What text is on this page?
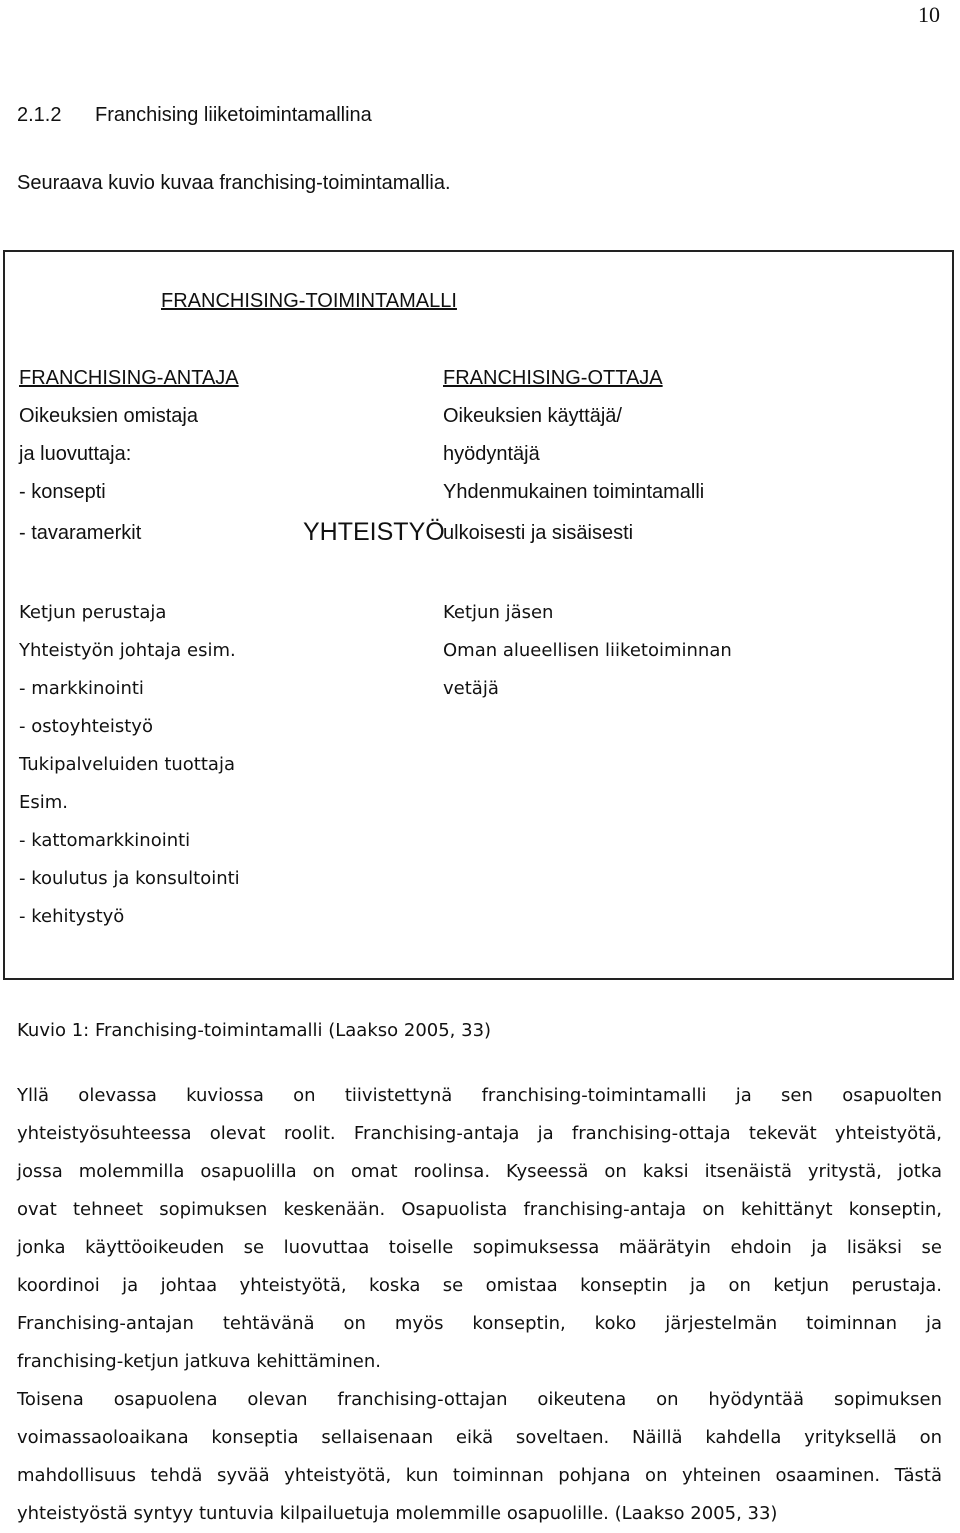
10
2.1.2 Franchising liiketoimintamallina
Seuraava kuvio kuvaa franchising-toimintamallia.
FRANCHISING-TOIMINTAMALLI
FRANCHISING-ANTAJA
Oikeuksien omistaja
ja luovuttaja:
- konsepti
- tavaramerkit	YHTEISTYÖ
FRANCHISING-OTTAJA
Oikeuksien käyttäjä/
hyödyntäjä
Yhdenmukainen toimintamalli
ulkoisesti ja sisäisesti
Ketjun perustaja
Yhteistyön johtaja esim.
- markkinointi
- ostoyhteistyö
Tukipalveluiden tuottaja
Esim.
- kattomarkkinointi
- koulutus ja konsultointi
- kehitystyö
Ketjun jäsen
Oman alueellisen liiketoiminnan
vetäjä
Kuvio 1: Franchising-toimintamalli (Laakso 2005, 33)
Yllä olevassa kuviossa on tiivistettynä franchising-toimintamalli ja sen osapuolten
yhteistyösuhteessa olevat roolit. Franchising-antaja ja franchising-ottaja tekevät yhteistyötä,
jossa molemmilla osapuolilla on omat roolinsa. Kyseessä on kaksi itsenäistä yritystä, jotka
ovat tehneet sopimuksen keskenään. Osapuolista franchising-antaja on kehittänyt konseptin,
jonka käyttöoikeuden se luovuttaa toiselle sopimuksessa määrätyin ehdoin ja lisäksi se
koordinoi ja johtaa yhteistyötä, koska se omistaa konseptin ja on ketjun perustaja.
Franchising-antajan tehtävänä on myös konseptin, koko järjestelmän toiminnan ja
franchising-ketjun jatkuva kehittäminen.
Toisena osapuolena olevan franchising-ottajan oikeutena on hyödyntää sopimuksen
voimassaoloaikana konseptia sellaisenaan eikä soveltaen. Näillä kahdella yrityksellä on
mahdollisuus tehdä syvää yhteistyötä, kun toiminnan pohjana on yhteinen osaaminen. Tästä
yhteistyöstä syntyy tuntuvia kilpailuetuja molemmille osapuolille. (Laakso 2005, 33)
